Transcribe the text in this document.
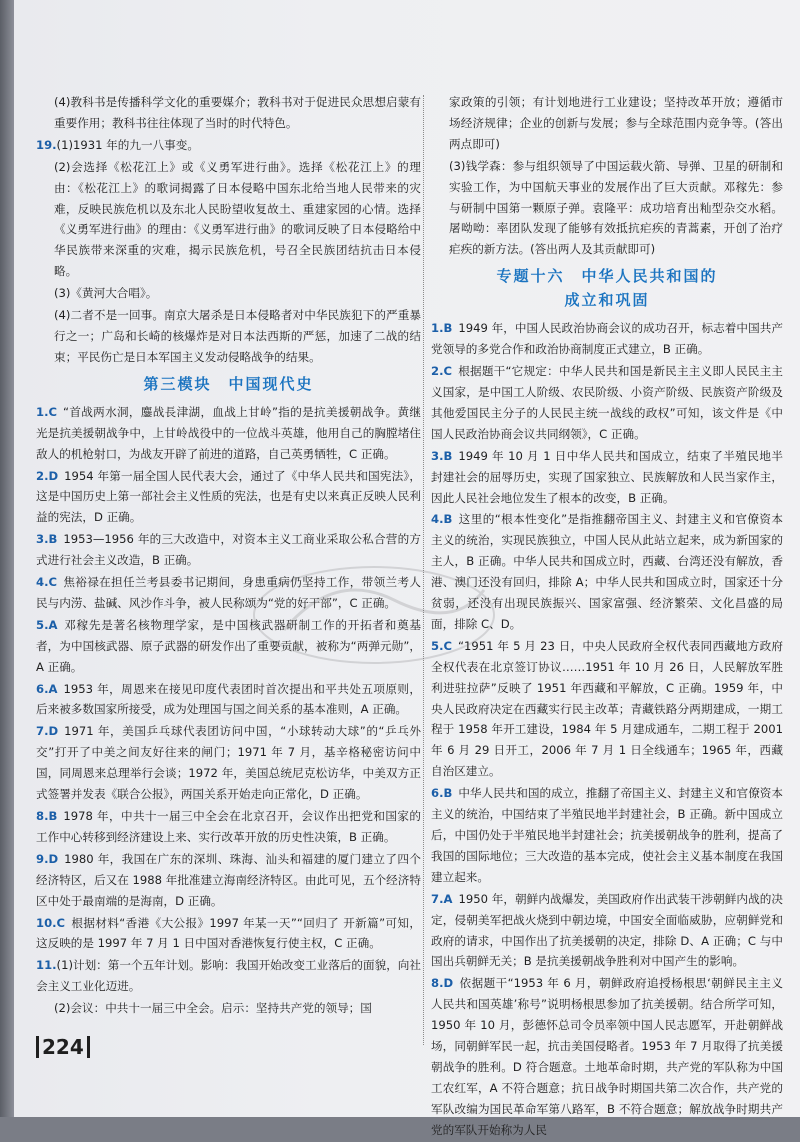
(4)教科书是传播科学文化的重要媒介；教科书对于促进民众思想启蒙有重要作用；教科书往往体现了当时的时代特色。
19.(1)1931 年的九一八事变。
(2)会选择《松花江上》或《义勇军进行曲》。选择《松花江上》的理由：《松花江上》的歌词揭露了日本侵略中国东北给当地人民带来的灾难，反映民族危机以及东北人民盼望收复故土、重建家园的心情。选择《义勇军进行曲》的理由：《义勇军进行曲》的歌词反映了日本侵略给中华民族带来深重的灾难，揭示民族危机，号召全民族团结抗击日本侵略。
(3)《黄河大合唱》。
(4)二者不是一回事。南京大屠杀是日本侵略者对中华民族犯下的严重暴行之一；广岛和长崎的核爆炸是对日本法西斯的严惩，加速了二战的结束；平民伤亡是日本军国主义发动侵略战争的结果。
第三模块　中国现代史
1.C “首战两水洞，鏖战長津湖，血战上甘岭”指的是抗美援朝战争。黄继光是抗美援朝战争中，上甘岭战役中的一位战斗英雄，他用自己的胸膛堵住敌人的机枪射口，为战友开辟了前进的道路，自己英勇牺牲，C 正确。
2.D 1954 年第一届全国人民代表大会，通过了《中华人民共和国宪法》，这是中国历史上第一部社会主义性质的宪法，也是有史以来真正反映人民利益的宪法，D 正确。
3.B 1953—1956 年的三大改造中，对资本主义工商业采取公私合营的方式进行社会主义改造，B 正确。
4.C 焦裕禄在担任兰考县委书记期间，身患重病仍坚持工作，带领兰考人民与内涝、盐碱、风沙作斗争，被人民称颂为“党的好干部”，C 正确。
5.A 邓稼先是著名核物理学家，是中国核武器研制工作的开拓者和奠基者，为中国核武器、原子武器的研发作出了重要贡献，被称为“两弹元勋”，A 正确。
6.A 1953 年，周恩来在接见印度代表团时首次提出和平共处五项原则，后来被多数国家所接受，成为处理国与国之间关系的基本准则，A 正确。
7.D 1971 年，美国乒乓球代表团访问中国，“小球转动大球”的“乒乓外交”打开了中美之间友好往来的闸门；1971 年 7 月，基辛格秘密访问中国，同周恩来总理举行会谈；1972 年，美国总统尼克松访华，中美双方正式签署并发表《联合公报》，两国关系开始走向正常化，D 正确。
8.B 1978 年，中共十一届三中全会在北京召开，会议作出把党和国家的工作中心转移到经济建设上来、实行改革开放的历史性决策，B 正确。
9.D 1980 年，我国在广东的深圳、珠海、汕头和福建的厦门建立了四个经济特区，后又在 1988 年批准建立海南经济特区。由此可见，五个经济特区中处于最南端的是海南，D 正确。
10.C 根据材料“香港《大公报》1997 年某一天”“回归了 开新篇”可知，这反映的是 1997 年 7 月 1 日中国对香港恢复行使主权，C 正确。
11.(1)计划：第一个五年计划。影响：我国开始改变工业落后的面貌，向社会主义工业化迈进。
(2)会议：中共十一届三中全会。启示：坚持共产党的领导；国
家政策的引领；有计划地进行工业建设；坚持改革开放；遵循市场经济规律；企业的创新与发展；参与全球范围内竞争等。(答出两点即可)
(3)钱学森：参与组织领导了中国运载火箭、导弹、卫星的研制和实验工作，为中国航天事业的发展作出了巨大贡献。邓稼先：参与研制中国第一颗原子弹。袁隆平：成功培育出籼型杂交水稻。屠呦呦：率团队发现了能够有效抵抗疟疾的青蒿素，开创了治疗疟疾的新方法。(答出两人及其贡献即可)
专题十六　中华人民共和国的
成立和巩固
1.B 1949 年，中国人民政治协商会议的成功召开，标志着中国共产党领导的多党合作和政治协商制度正式建立，B 正确。
2.C 根据题干“它规定：中华人民共和国是新民主主义即人民民主主义国家，是中国工人阶级、农民阶级、小资产阶级、民族资产阶级及其他爱国民主分子的人民民主统一战线的政权”可知，该文件是《中国人民政治协商会议共同纲领》，C 正确。
3.B 1949 年 10 月 1 日中华人民共和国成立，结束了半殖民地半封建社会的屈辱历史，实现了国家独立、民族解放和人民当家作主，因此人民社会地位发生了根本的改变，B 正确。
4.B 这里的“根本性变化”是指推翻帝国主义、封建主义和官僚资本主义的统治，实现民族独立，中国人民从此站立起来，成为新国家的主人，B 正确。中华人民共和国成立时，西藏、台湾还没有解放，香港、澳门还没有回归，排除 A；中华人民共和国成立时，国家还十分贫弱，还没有出现民族振兴、国家富强、经济繁荣、文化昌盛的局面，排除 C、D。
5.C “1951 年 5 月 23 日，中央人民政府全权代表同西藏地方政府全权代表在北京签订协议……1951 年 10 月 26 日，人民解放军胜利进驻拉萨”反映了 1951 年西藏和平解放，C 正确。1959 年，中央人民政府决定在西藏实行民主改革；青藏铁路分两期建成，一期工程于 1958 年开工建设，1984 年 5 月建成通车，二期工程于 2001 年 6 月 29 日开工，2006 年 7 月 1 日全线通车；1965 年，西藏自治区建立。
6.B 中华人民共和国的成立，推翻了帝国主义、封建主义和官僚资本主义的统治，中国结束了半殖民地半封建社会，B 正确。新中国成立后，中国仍处于半殖民地半封建社会；抗美援朝战争的胜利，提高了我国的国际地位；三大改造的基本完成，使社会主义基本制度在我国建立起来。
7.A 1950 年，朝鲜内战爆发，美国政府作出武装干涉朝鲜内战的决定，侵朝美军把战火烧到中朝边境，中国安全面临威胁，应朝鲜党和政府的请求，中国作出了抗美援朝的决定，排除 D、A 正确；C 与中国出兵朝鲜无关；B 是抗美援朝战争胜利对中国产生的影响。
8.D 依据题干“1953 年 6 月，朝鲜政府追授杨根思‘朝鲜民主主义人民共和国英雄’称号”说明杨根思参加了抗美援朝。结合所学可知，1950 年 10 月，彭德怀总司令员率领中国人民志愿军，开赴朝鲜战场，同朝鲜军民一起，抗击美国侵略者。1953 年 7 月取得了抗美援朝战争的胜利。D 符合题意。土地革命时期，共产党的军队称为中国工农红军，A 不符合题意；抗日战争时期国共第二次合作，共产党的军队改编为国民革命军第八路军，B 不符合题意；解放战争时期共产党的军队开始称为人民
224
